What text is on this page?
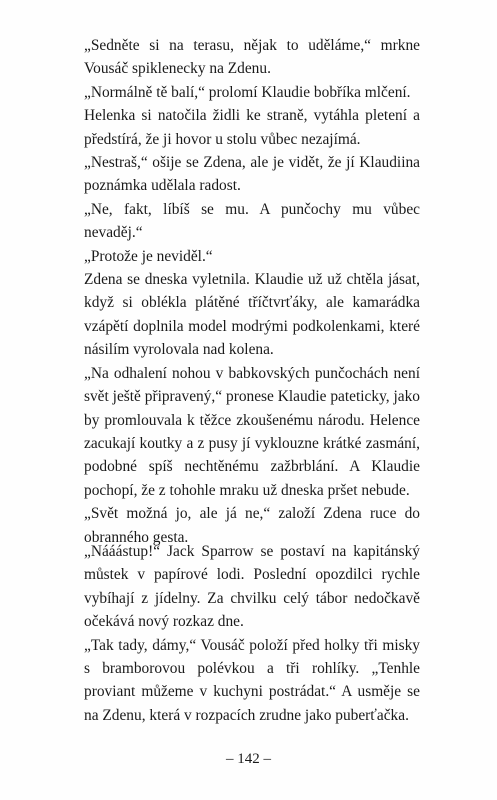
„Sedněte si na terasu, nějak to uděláme,“ mrkne Vousáč spiklenecky na Zdenu.

„Normálně tě balí,“ prolomí Klaudie bobříka mlčení.

Helenka si natočila židli ke straně, vytáhla pletení a předstírá, že ji hovor u stolu vůbec nezajímá.

„Nestraš,“ ošije se Zdena, ale je vidět, že jí Klaudiina poznámka udělala radost.

„Ne, fakt, líbíš se mu. A punčochy mu vůbec nevaděj.“

„Protože je neviděl.“

Zdena se dneska vyletnila. Klaudie už už chtěla jásat, když si oblékla plátěné tříčtvrťáky, ale kamarádka vzápětí doplnila model modrými podkolenkami, které násilím vyrolovala nad kolena.

„Na odhalení nohou v babkovských punčochách není svět ještě připravený,“ pronese Klaudie pateticky, jako by promlouvala k těžce zkoušenému národu. Helence zacukají koutky a z pusy jí vyklouzne krátké zasmání, podobné spíš nechtěnému zažbrblání. A Klaudie pochopí, že z tohohle mraku už dneska pršet nebude.

„Svět možná jo, ale já ne,“ založí Zdena ruce do obranného gesta.

„Nááástup!“ Jack Sparrow se postaví na kapitánský můstek v papírové lodi. Poslední opozdilci rychle vybíhají z jídelny. Za chvilku celý tábor nedočkavě očekává nový rozkaz dne.

„Tak tady, dámy,“ Vousáč položí před holky tři misky s bramborovou polévkou a tři rohlíky. „Tenhle proviant můžeme v kuchyni postrádat.“ A usměje se na Zdenu, která v rozpacích zrudne jako puberťačka.

– 142 –
